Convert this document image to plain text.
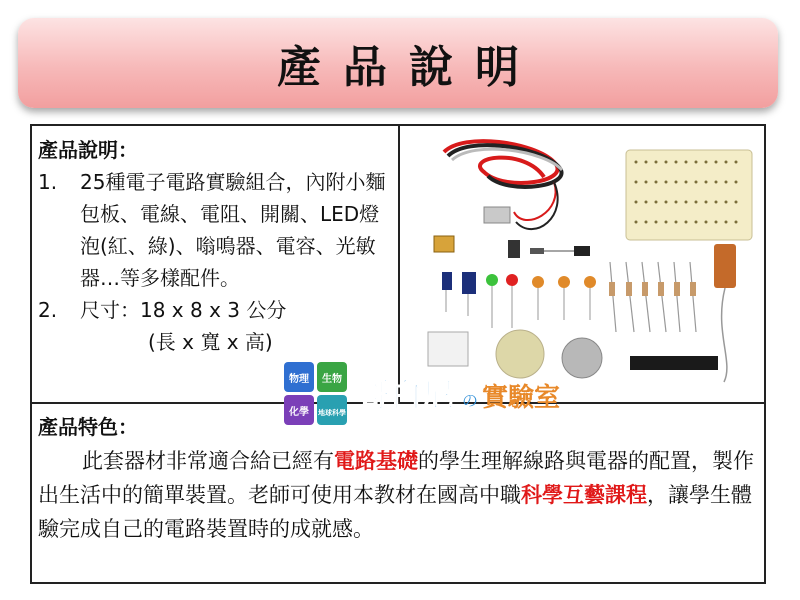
產品說明
產品說明：
1.	25種電子電路實驗組合，內附小麵包板、電線、電阻、開關、LED燈泡(紅、綠)、嗡鳴器、電容、光敏器…等多樣配件。
2.	尺寸：18 x 8 x 3 公分
(長 x 寬 x 高)
產品特色：

此套器材非常適合給已經有電路基礎的學生理解線路與電器的配置，製作出生活中的簡單裝置。老師可使用本教材在國高中職科學互藝課程，讓學生體驗完成自己的電路裝置時的成就感。

物理 生物
化學 地球科學 哥白尼 の 實驗室
